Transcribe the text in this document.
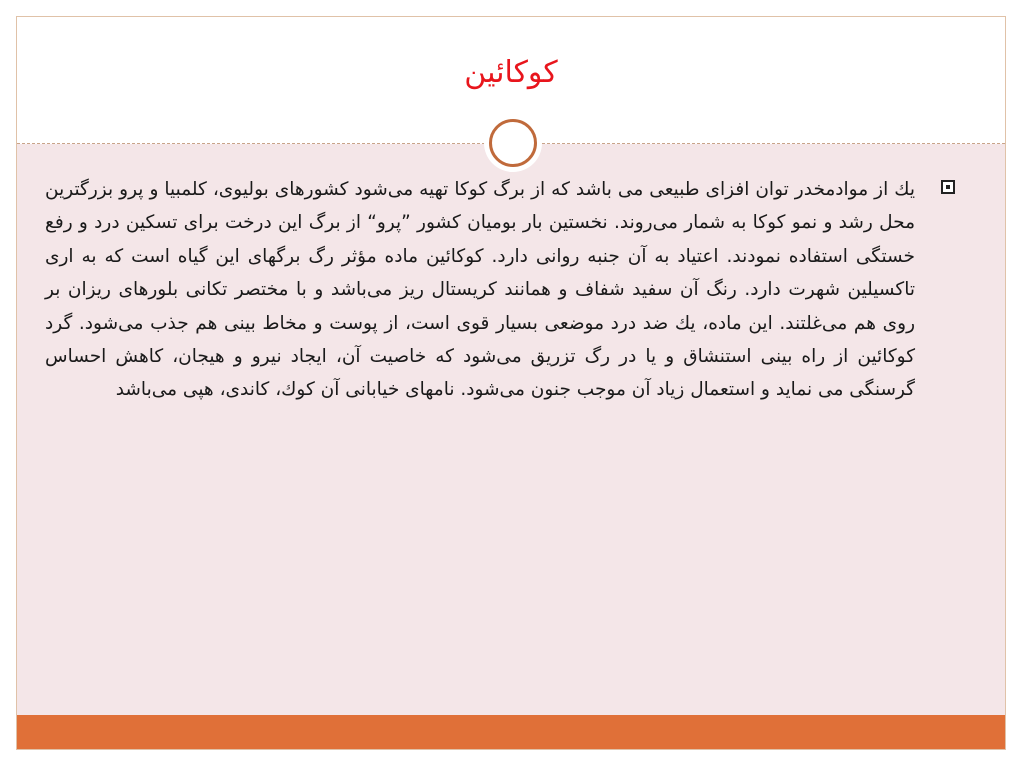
کوکائین
یك از موادمخدر توان افزای طبیعی می باشد که از برگ کوکا تهیه می‌شود کشورهای بولیوی، کلمبیا و پرو بزرگترین محل رشد و نمو کوکا به شمار می‌روند. نخستین بار بومیان کشور ”پرو“ از برگ این درخت برای تسکین درد و رفع خستگی استفاده نمودند. اعتیاد به آن جنبه روانی دارد. کوکائین ماده مؤثر رگ برگهای این گیاه است که به اری تاکسیلین شهرت دارد. رنگ آن سفید شفاف و همانند کریستال ریز می‌باشد و با مختصر تکانی بلورهای ریزان بر روی هم می‌غلتند. این ماده، یك ضد درد موضعی بسیار قوی است، از پوست و مخاط بینی هم جذب می‌شود. گرد کوکائین از راه بینی استنشاق و یا در رگ تزریق می‌شود که خاصیت آن، ایجاد نیرو و هیجان، کاهش احساس گرسنگی می نماید و استعمال زیاد آن موجب جنون می‌شود. نامهای خیابانی آن کوك، کاندی، هپی می‌باشد
